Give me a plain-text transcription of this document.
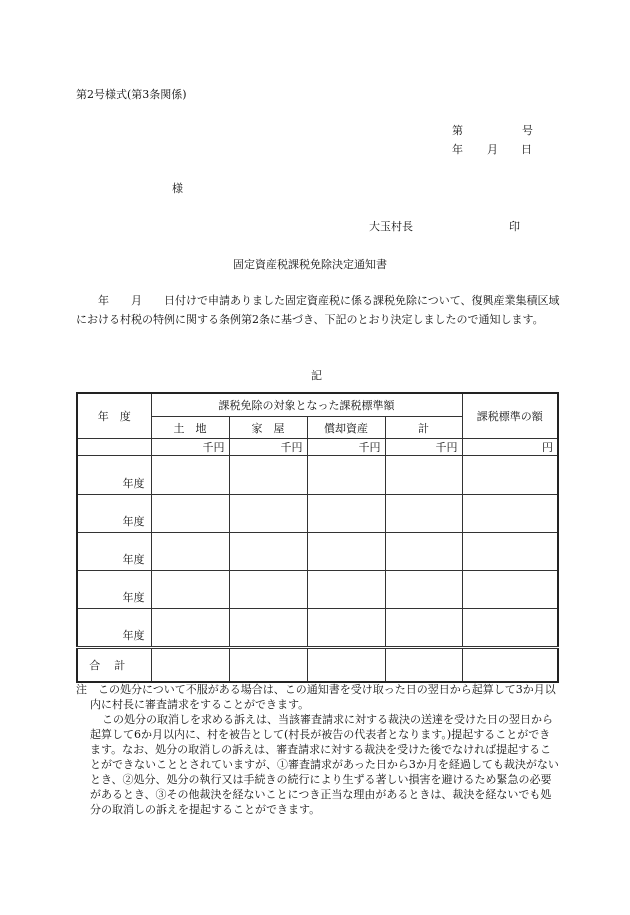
第2号様式(第3条関係)
第	号
年 月 日
様
大玉村長	印
固定資産税課税免除決定通知書
年　　月　　日付けで申請ありました固定資産税に係る課税免除について、復興産業集積区域における村税の特例に関する条例第2条に基づき、下記のとおり決定しましたので通知します。
記
年　度	課税免除の対象となった課税標準額				課税標準の額
	土　地	家　屋	償却資産	計	
	千円	千円	千円	千円	円
年度					
年度					
年度					
年度					
年度					
合計					

注　この処分について不服がある場合は、この通知書を受け取った日の翌日から起算して3か月以内に村長に審査請求をすることができます。

この処分の取消しを求める訴えは、当該審査請求に対する裁決の送達を受けた日の翌日から起算して6か月以内に、村を被告として(村長が被告の代表者となります。)提起することができます。なお、処分の取消しの訴えは、審査請求に対する裁決を受けた後でなければ提起することができないこととされていますが、①審査請求があった日から3か月を経過しても裁決がないとき、②処分、処分の執行又は手続きの続行により生ずる著しい損害を避けるため緊急の必要があるとき、③その他裁決を経ないことにつき正当な理由があるときは、裁決を経ないでも処分の取消しの訴えを提起することができます。
